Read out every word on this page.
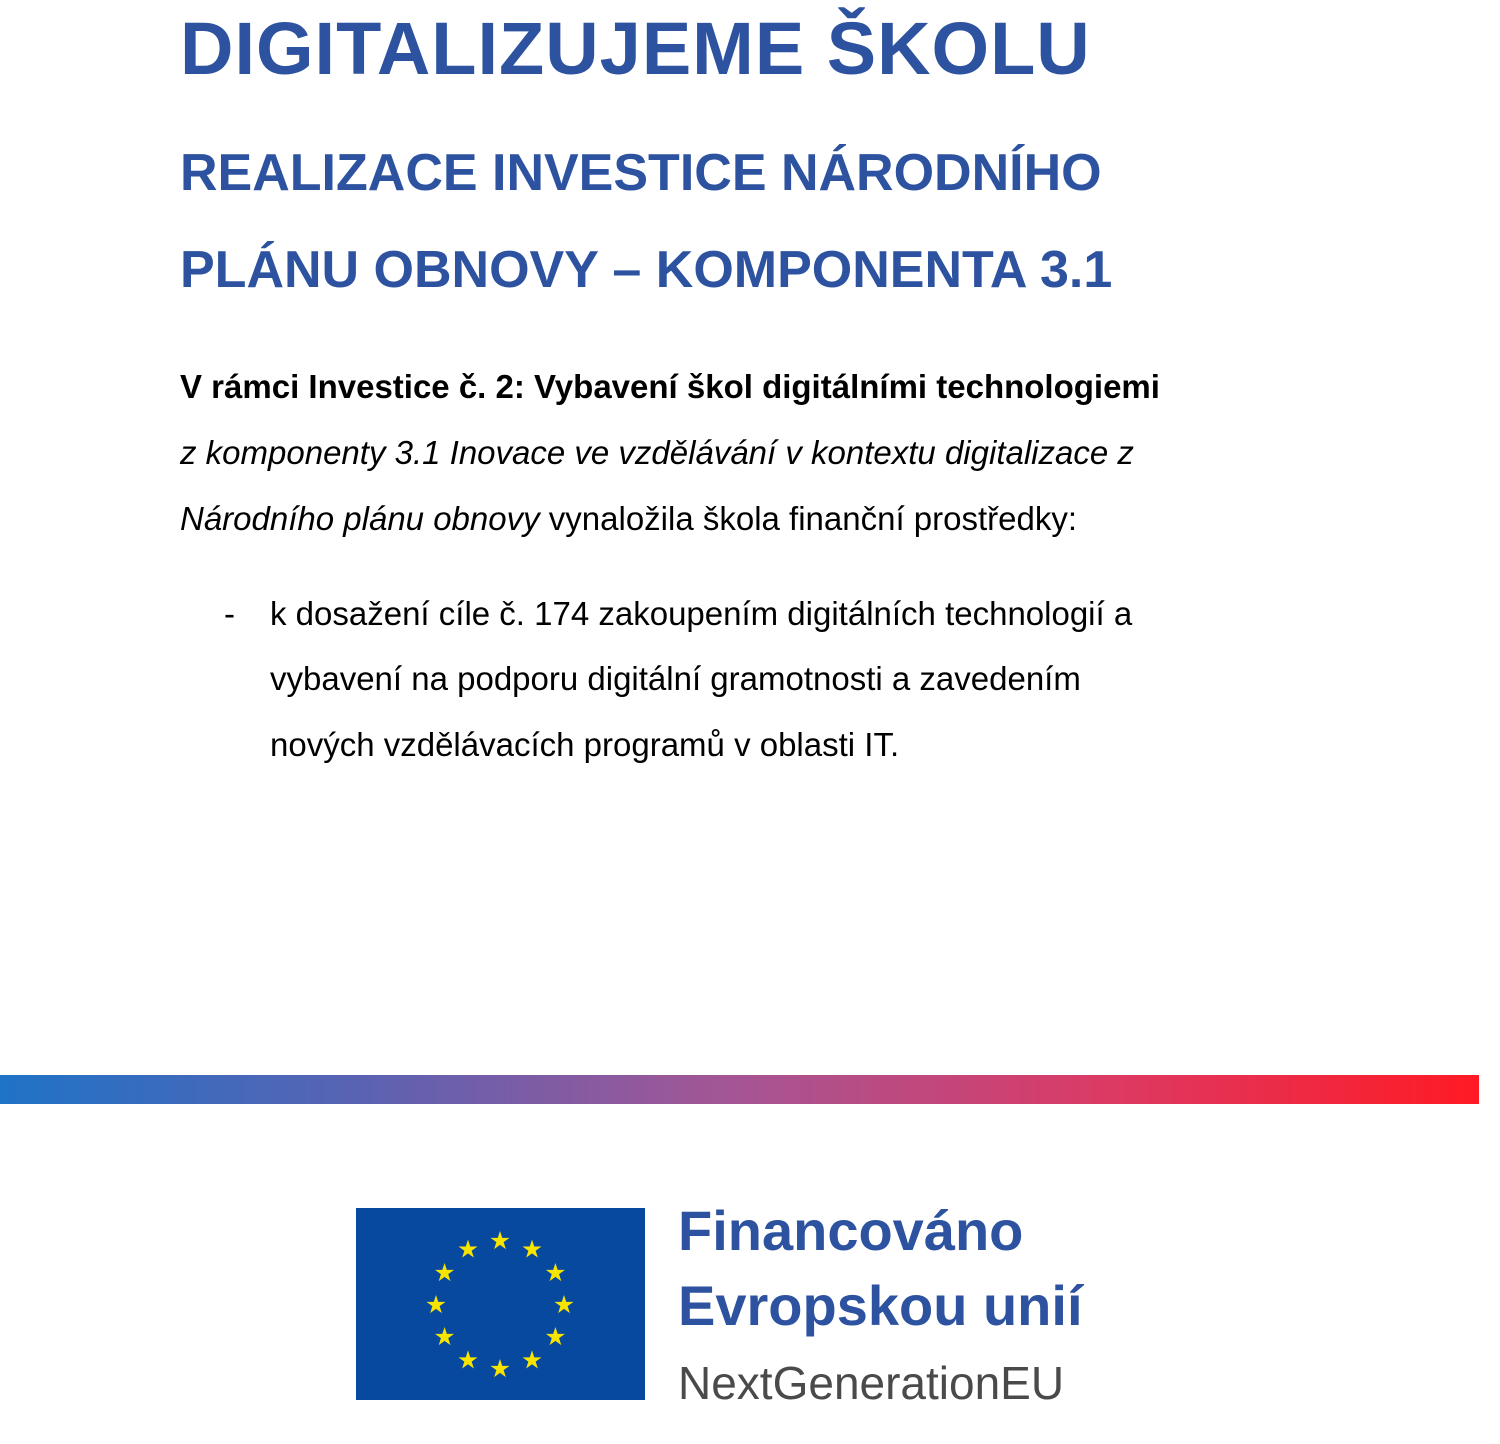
DIGITALIZUJEME ŠKOLU
REALIZACE INVESTICE NÁRODNÍHO
PLÁNU OBNOVY – KOMPONENTA 3.1
V rámci Investice č. 2: Vybavení škol digitálními technologiemi
z komponenty 3.1 Inovace ve vzdělávání v kontextu digitalizace z
Národního plánu obnovy vynaložila škola finanční prostředky:
- k dosažení cíle č. 174 zakoupením digitálních technologií a
vybavení na podporu digitální gramotnosti a zavedením
nových vzdělávacích programů v oblasti IT.
Financováno
Evropskou unií
NextGenerationEU
